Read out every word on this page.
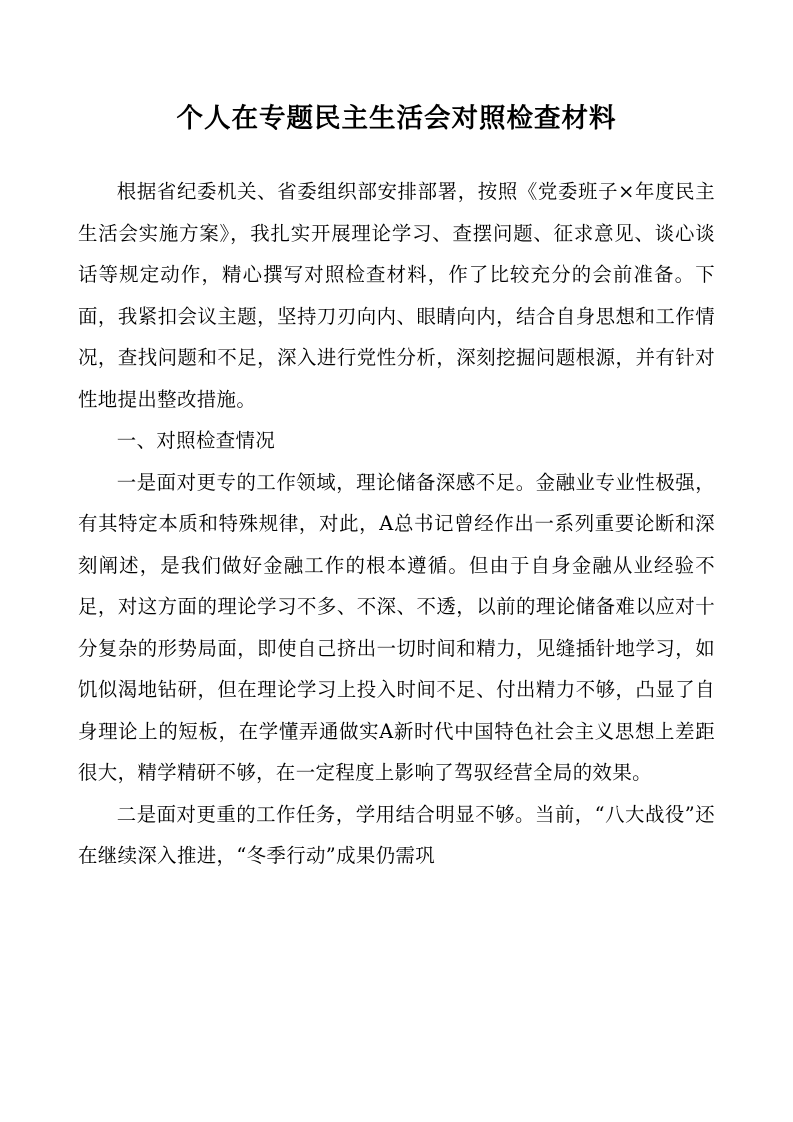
个人在专题民主生活会对照检查材料

根据省纪委机关、省委组织部安排部署，按照《党委班子×年度民主生活会实施方案》，我扎实开展理论学习、查摆问题、征求意见、谈心谈话等规定动作，精心撰写对照检查材料，作了比较充分的会前准备。下面，我紧扣会议主题，坚持刀刃向内、眼睛向内，结合自身思想和工作情况，查找问题和不足，深入进行党性分析，深刻挖掘问题根源，并有针对性地提出整改措施。

一、对照检查情况

一是面对更专的工作领域，理论储备深感不足。金融业专业性极强，有其特定本质和特殊规律，对此，A总书记曾经作出一系列重要论断和深刻阐述，是我们做好金融工作的根本遵循。但由于自身金融从业经验不足，对这方面的理论学习不多、不深、不透，以前的理论储备难以应对十分复杂的形势局面，即使自己挤出一切时间和精力，见缝插针地学习，如饥似渴地钻研，但在理论学习上投入时间不足、付出精力不够，凸显了自身理论上的短板，在学懂弄通做实A新时代中国特色社会主义思想上差距很大，精学精研不够，在一定程度上影响了驾驭经营全局的效果。

二是面对更重的工作任务，学用结合明显不够。当前，“八大战役”还在继续深入推进，“冬季行动”成果仍需巩
